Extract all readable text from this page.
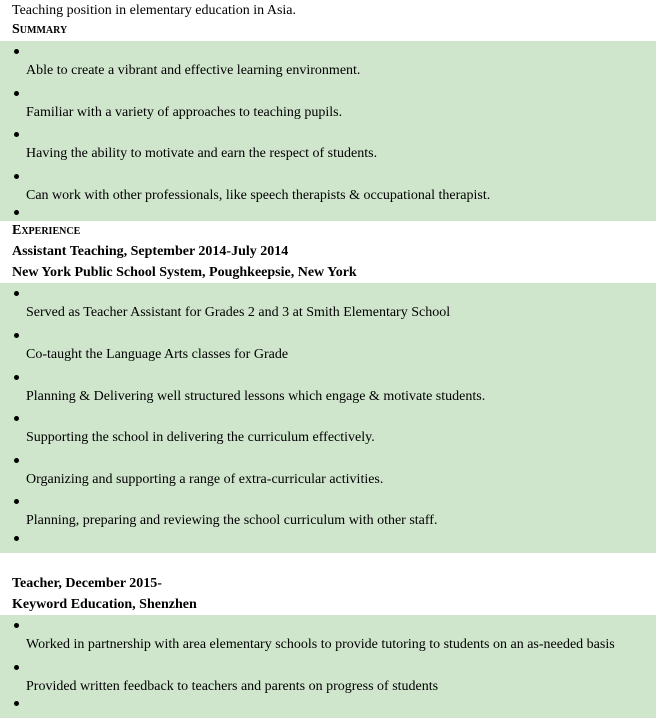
Teaching position in elementary education in Asia.
Summary
Able to create a vibrant and effective learning environment.
Familiar with a variety of approaches to teaching pupils.
Having the ability to motivate and earn the respect of students.
Can work with other professionals, like speech therapists & occupational therapist.
Experience
Assistant Teaching, September 2014-July 2014
New York Public School System, Poughkeepsie, New York
Served as Teacher Assistant for Grades 2 and 3 at Smith Elementary School
Co-taught the Language Arts classes for Grade
Planning & Delivering well structured lessons which engage & motivate students.
Supporting the school in delivering the curriculum effectively.
Organizing and supporting a range of extra-curricular activities.
Planning, preparing and reviewing the school curriculum with other staff.
Teacher, December 2015-
Keyword Education, Shenzhen
Worked in partnership with area elementary schools to provide tutoring to students on an as-needed basis
Provided written feedback to teachers and parents on progress of students
